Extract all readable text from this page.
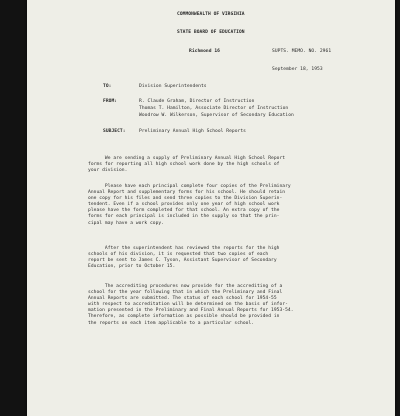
COMMONWEALTH OF VIRGINIA

STATE BOARD OF EDUCATION

Richmond 16

	SUPTS. MEMO. NO. 2961

September 18, 1953

TO:	Division Superintendents
FROM:	R. Claude Graham, Director of Instruction
Thomas T. Hamilton, Associate Director of Instruction
Woodrow W. Wilkerson, Supervisor of Secondary Education
SUBJECT:	Preliminary Annual High School Reports
We are sending a supply of Preliminary Annual High School Report
forms for reporting all high school work done by the high schools of
your division.
Please have each principal complete four copies of the Preliminary
Annual Report and supplementary forms for his school. He should retain
one copy for his files and send three copies to the Division Superin-
tendent. Even if a school provides only one year of high school work
please have the form completed for that school. An extra copy of the
forms for each principal is included in the supply so that the prin-
cipal may have a work copy.
After the superintendent has reviewed the reports for the high
schools of his division, it is requested that two copies of each
report be sent to James C. Tyson, Assistant Supervisor of Secondary
Education, prior to October 15.
The accrediting procedures now provide for the accrediting of a
school for the year following that in which the Preliminary and Final
Annual Reports are submitted. The status of each school for 1954-55
with respect to accreditation will be determined on the basis of infor-
mation presented in the Preliminary and Final Annual Reports for 1953-54.
Therefore, as complete information as possible should be provided in
the reports on each item applicable to a particular school.
